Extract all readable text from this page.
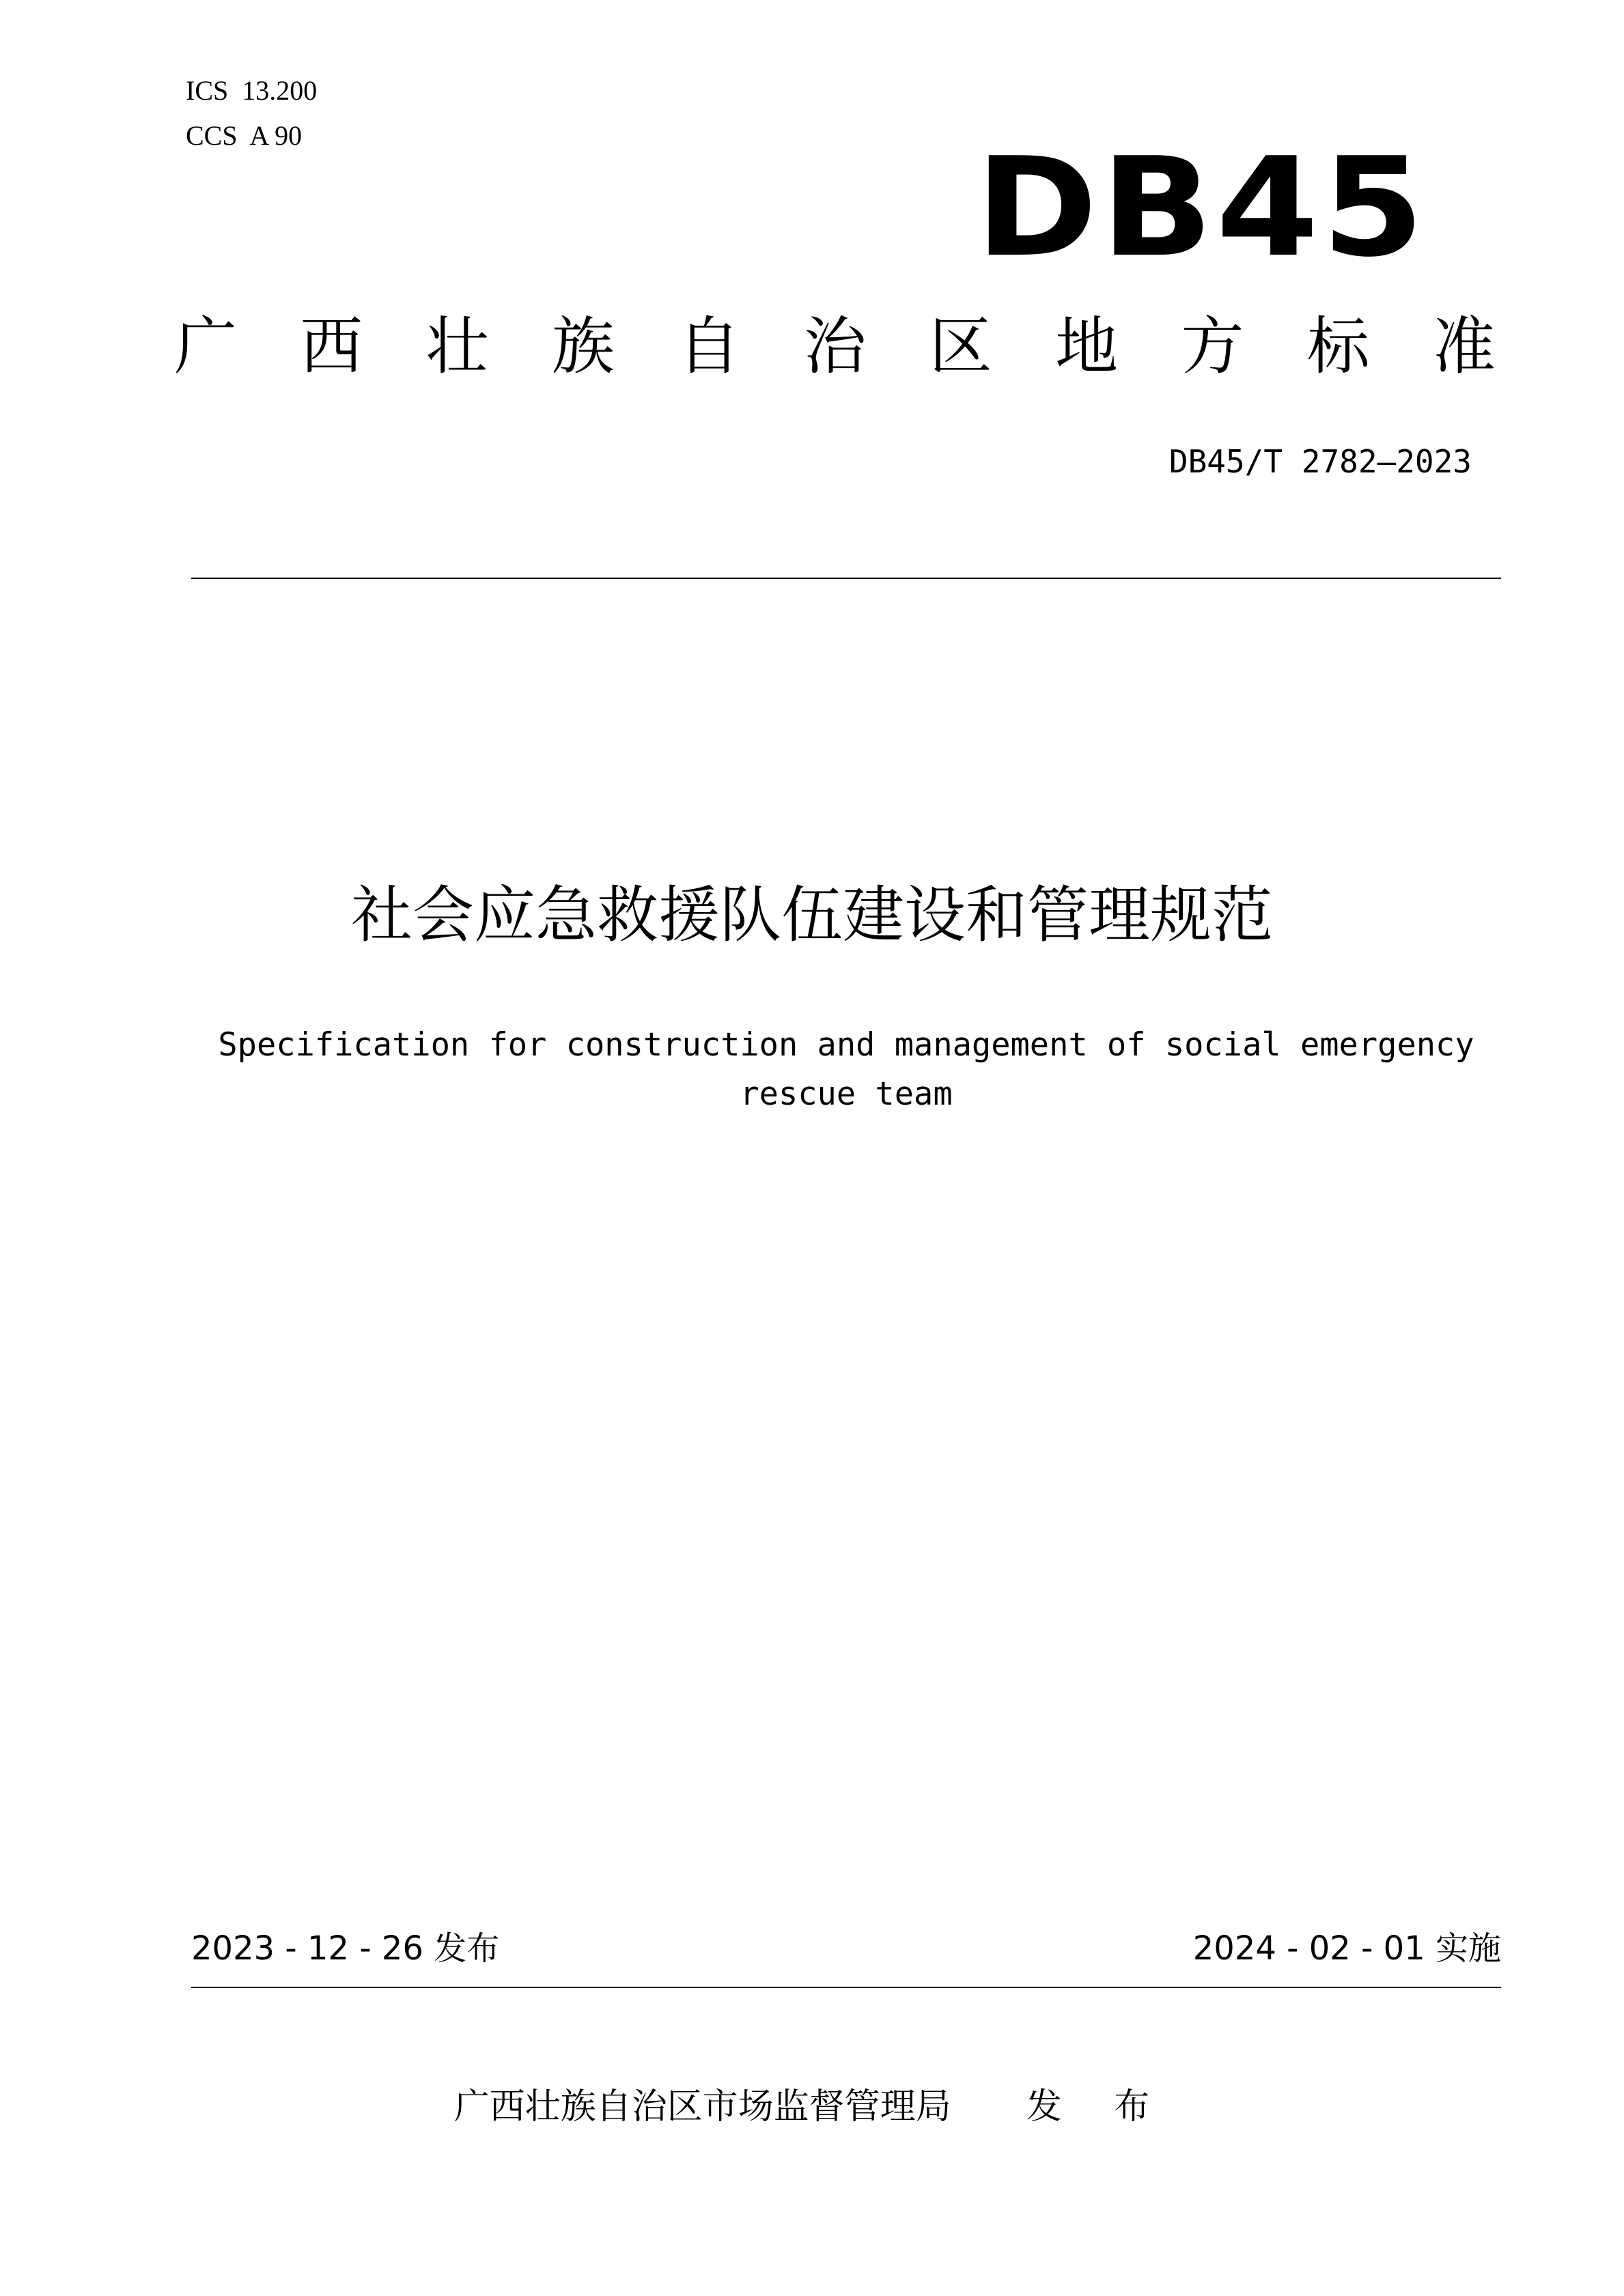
ICS  13.200
CCS  A 90	DB45
广 西 壮 族 自 治 区 地 方 标 准
DB45/T 2782—2023
社会应急救援队伍建设和管理规范
Specification for construction and management of social emergency rescue team
2023 - 12 - 26 发布	2024 - 02 - 01 实施
广西壮族自治区市场监督管理局 发 布
